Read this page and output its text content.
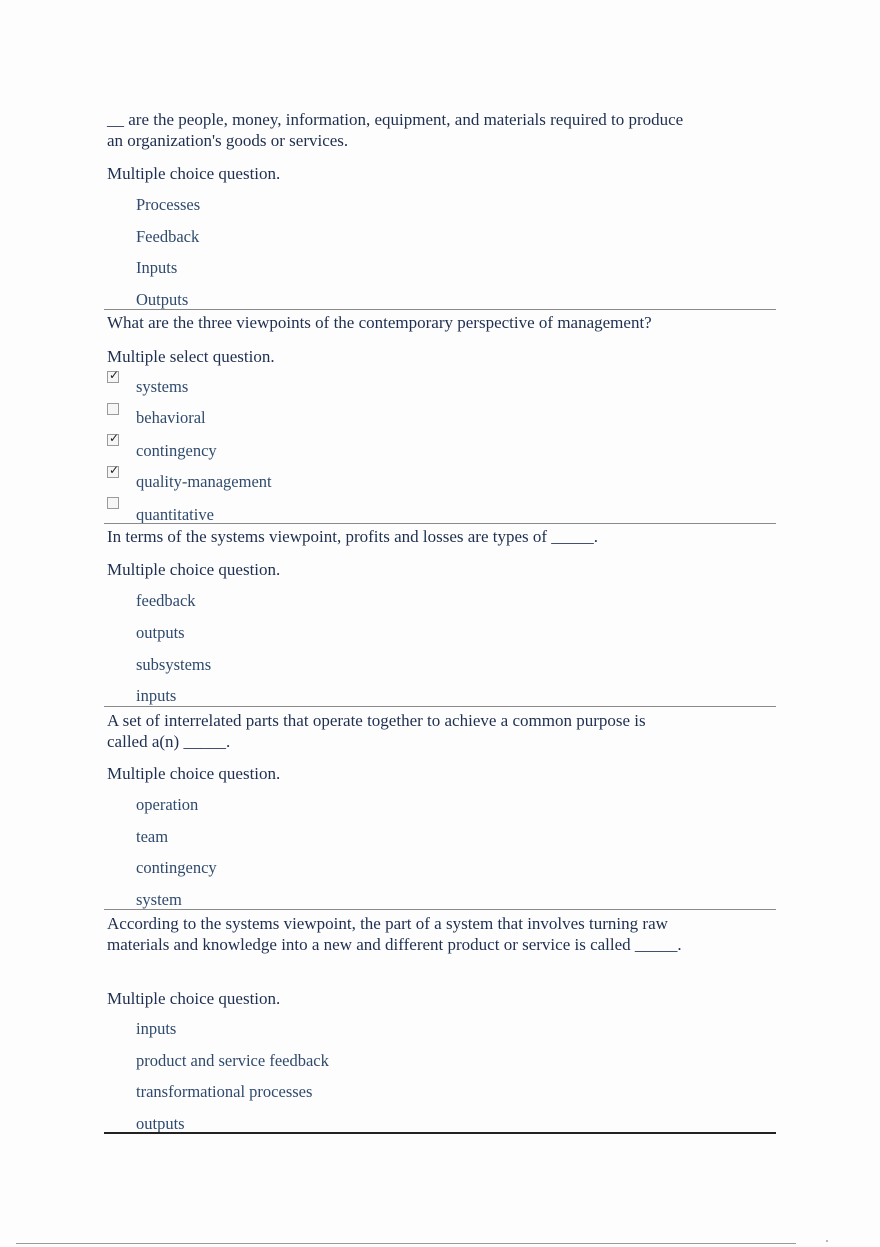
__ are the people, money, information, equipment, and materials required to produce an organization's goods or services.

Multiple choice question.

Processes
Feedback
Inputs
Outputs

What are the three viewpoints of the contemporary perspective of management?

Multiple select question.

✓
systems
behavioral
✓
contingency
✓
quality-management
quantitative

In terms of the systems viewpoint, profits and losses are types of _____.

Multiple choice question.

feedback
outputs
subsystems
inputs

A set of interrelated parts that operate together to achieve a common purpose is called a(n) _____.

Multiple choice question.

operation
team
contingency
system

According to the systems viewpoint, the part of a system that involves turning raw materials and knowledge into a new and different product or service is called _____.

Multiple choice question.

inputs
product and service feedback
transformational processes
outputs
